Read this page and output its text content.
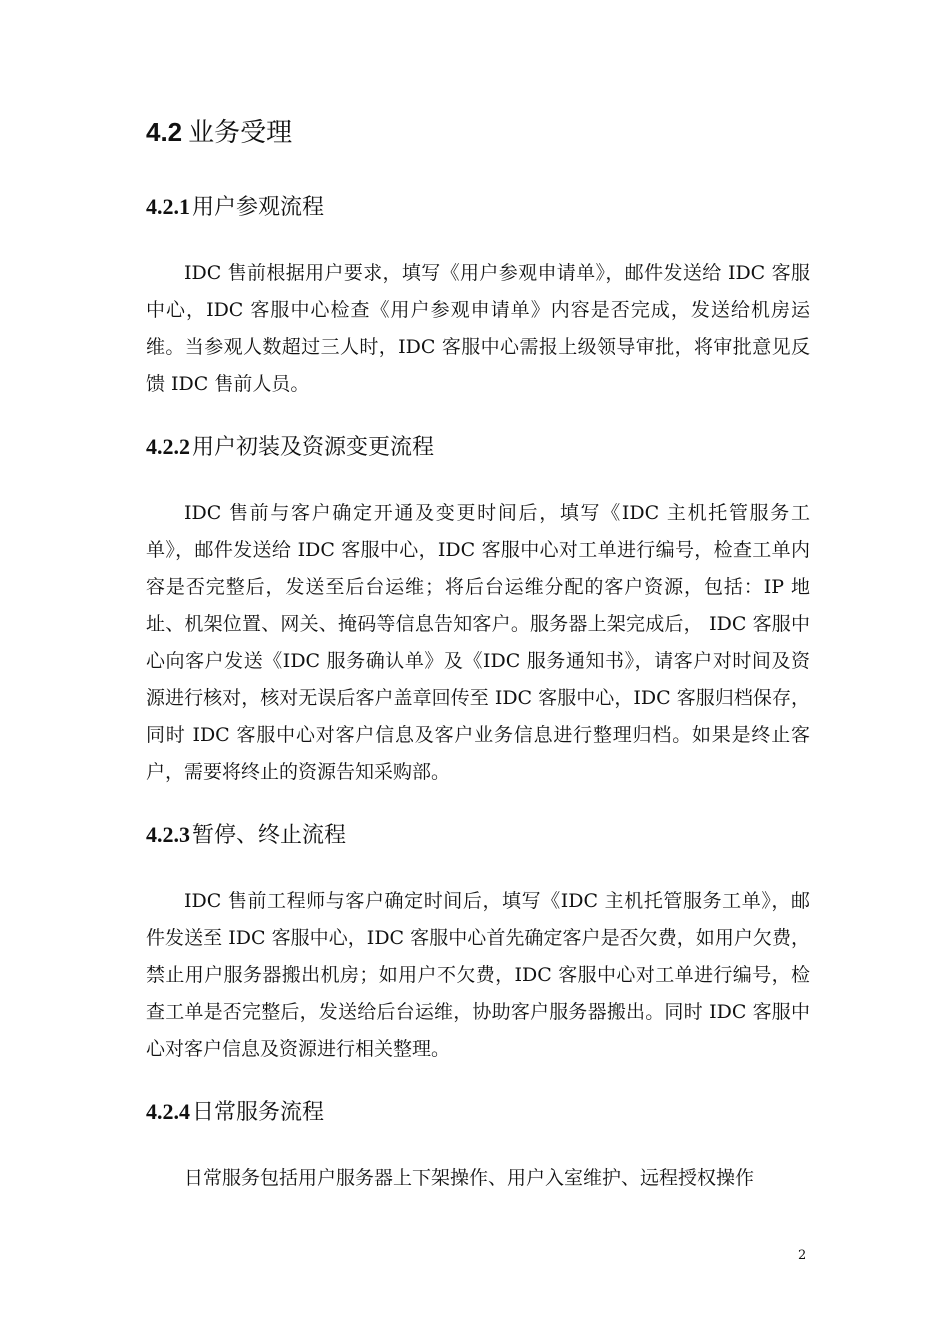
4.2 业务受理
4.2.1用户参观流程
IDC 售前根据用户要求，填写《用户参观申请单》，邮件发送给 IDC 客服中心，IDC 客服中心检查《用户参观申请单》内容是否完成，发送给机房运维。当参观人数超过三人时，IDC 客服中心需报上级领导审批，将审批意见反馈 IDC 售前人员。
4.2.2用户初装及资源变更流程
IDC 售前与客户确定开通及变更时间后，填写《IDC 主机托管服务工单》，邮件发送给 IDC 客服中心，IDC 客服中心对工单进行编号，检查工单内容是否完整后，发送至后台运维；将后台运维分配的客户资源，包括：IP 地址、机架位置、网关、掩码等信息告知客户。服务器上架完成后， IDC 客服中心向客户发送《IDC 服务确认单》及《IDC 服务通知书》，请客户对时间及资源进行核对，核对无误后客户盖章回传至 IDC 客服中心，IDC 客服归档保存，同时 IDC 客服中心对客户信息及客户业务信息进行整理归档。如果是终止客户，需要将终止的资源告知采购部。
4.2.3暂停、终止流程
IDC 售前工程师与客户确定时间后，填写《IDC 主机托管服务工单》，邮件发送至 IDC 客服中心，IDC 客服中心首先确定客户是否欠费，如用户欠费，禁止用户服务器搬出机房；如用户不欠费，IDC 客服中心对工单进行编号，检查工单是否完整后，发送给后台运维，协助客户服务器搬出。同时 IDC 客服中心对客户信息及资源进行相关整理。
4.2.4日常服务流程
日常服务包括用户服务器上下架操作、用户入室维护、远程授权操作
2
